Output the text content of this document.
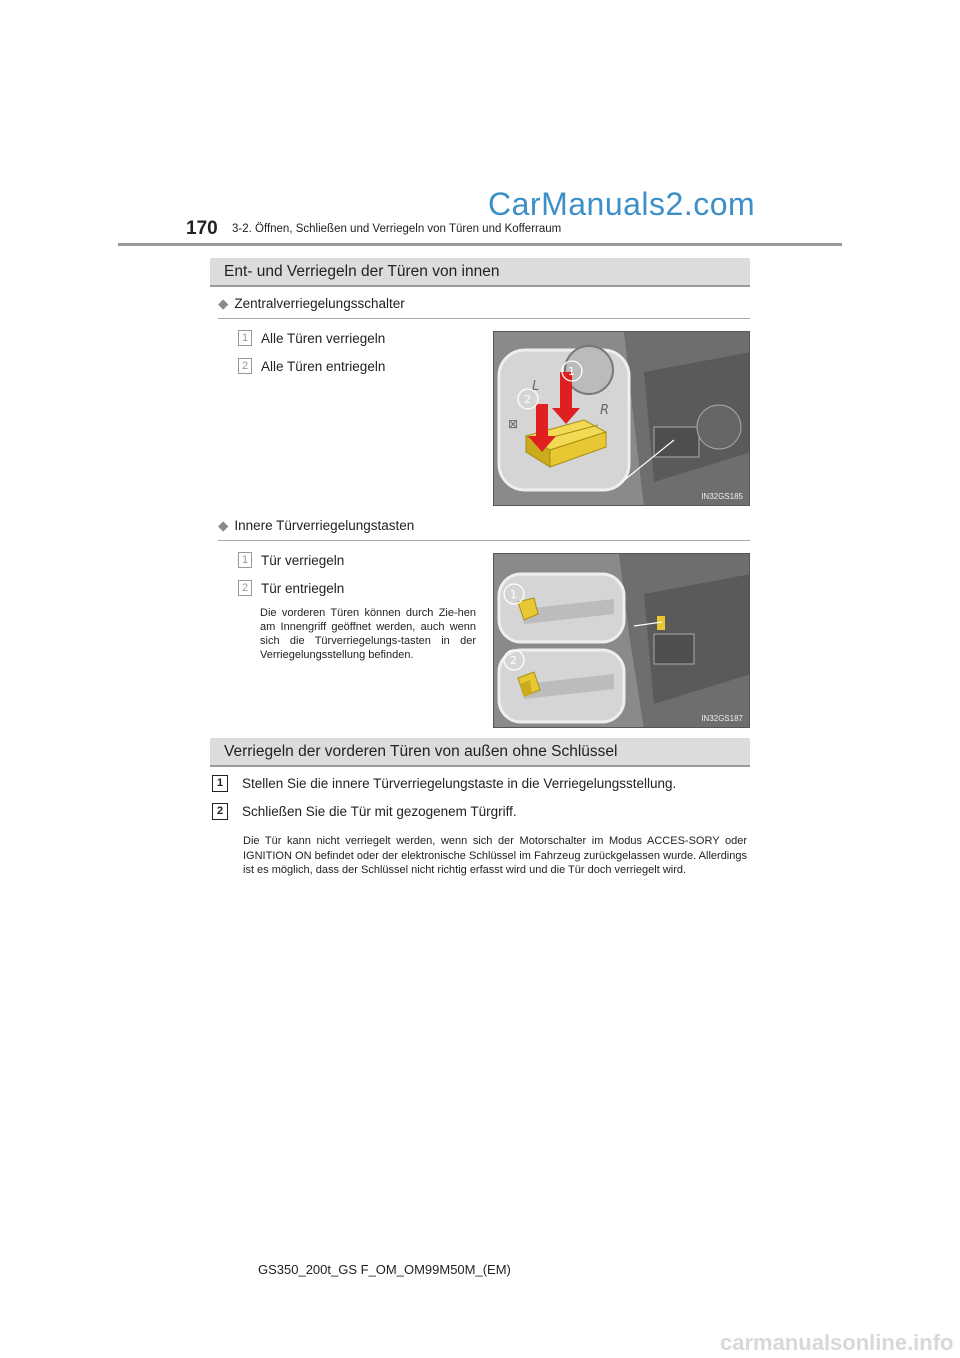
CarManuals2.com
170 3-2. Öffnen, Schließen und Verriegeln von Türen und Kofferraum
Ent- und Verriegeln der Türen von innen
◆ Zentralverriegelungsschalter
1 Alle Türen verriegeln
2 Alle Türen entriegeln
L
R
⊠
1
2
IN32GS185
◆ Innere Türverriegelungstasten
1 Tür verriegeln
2 Tür entriegeln
Die vorderen Türen können durch Zie-hen am Innengriff geöffnet werden, auch wenn sich die Türverriegelungs-tasten in der Verriegelungsstellung befinden.
1
2
IN32GS187
Verriegeln der vorderen Türen von außen ohne Schlüssel
1	Stellen Sie die innere Türverriegelungstaste in die Verriegelungsstellung.
2	Schließen Sie die Tür mit gezogenem Türgriff.
Die Tür kann nicht verriegelt werden, wenn sich der Motorschalter im Modus ACCES-SORY oder IGNITION ON befindet oder der elektronische Schlüssel im Fahrzeug zurückgelassen wurde. Allerdings ist es möglich, dass der Schlüssel nicht richtig erfasst wird und die Tür doch verriegelt wird.
GS350_200t_GS F_OM_OM99M50M_(EM)
carmanualsonline.info
